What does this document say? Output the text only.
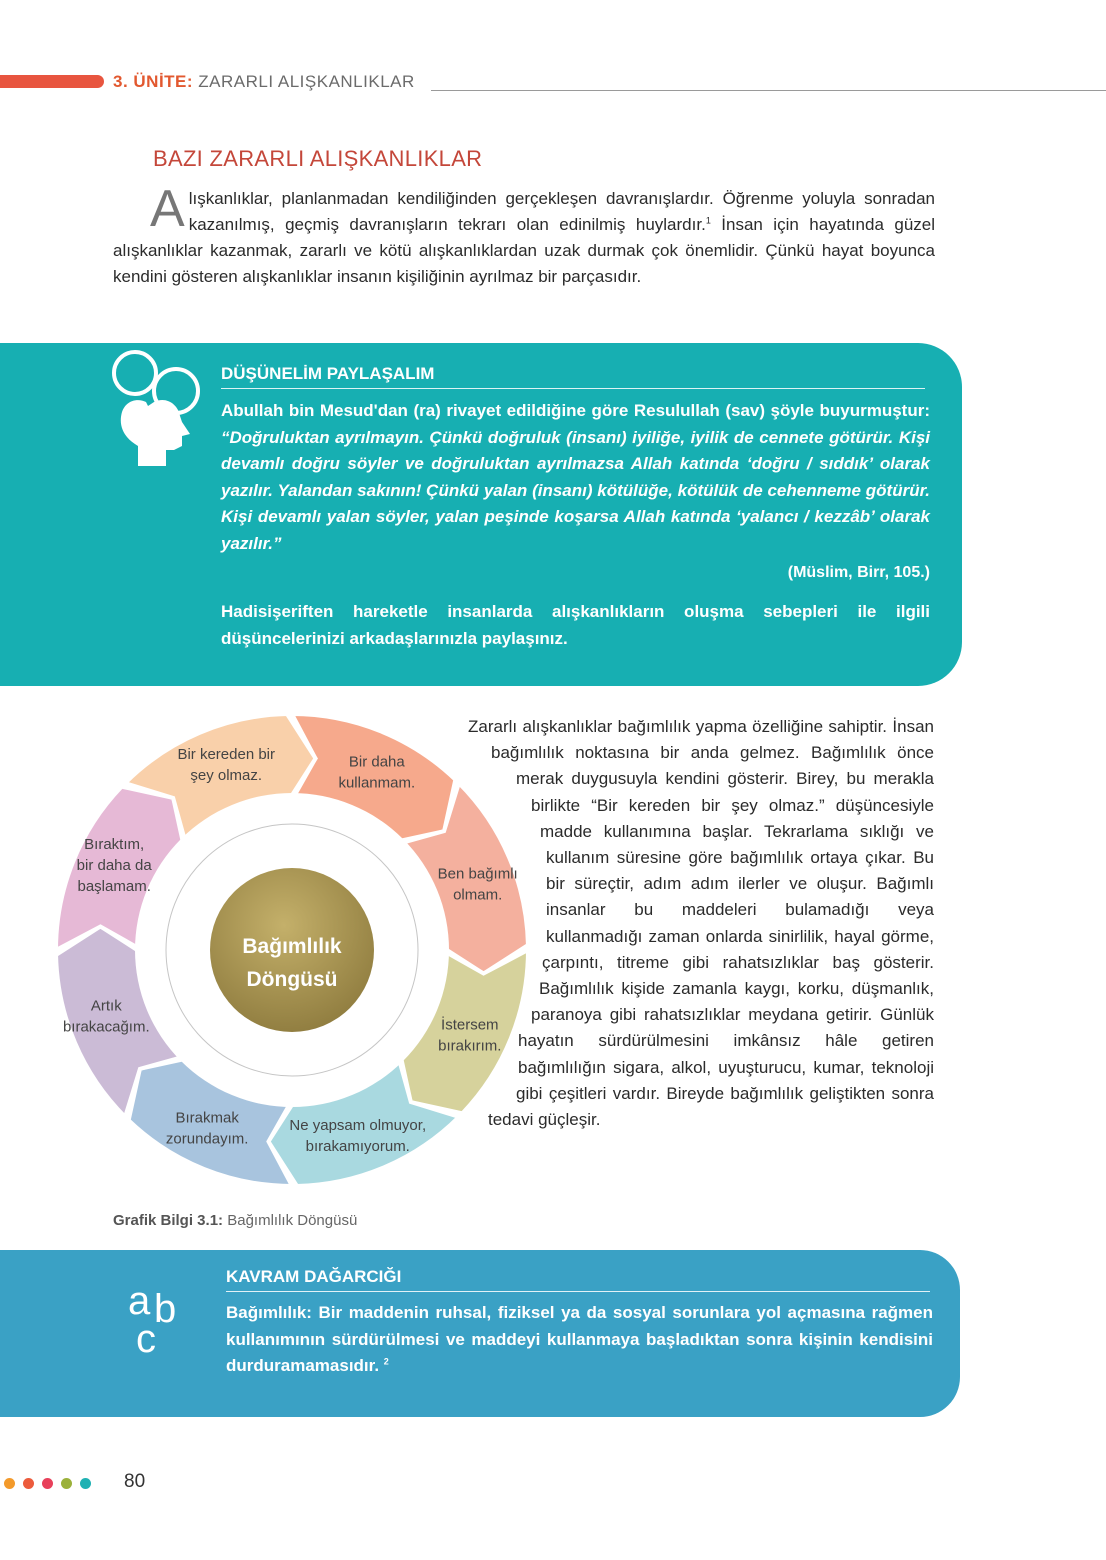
3. ÜNİTE: ZARARLI ALIŞKANLIKLAR
BAZI ZARARLI ALIŞKANLIKLAR

Alışkanlıklar, planlanmadan kendiliğinden gerçekleşen davranışlardır. Öğrenme yoluyla sonradan kazanılmış, geçmiş davranışların tekrarı olan edinilmiş huylardır.$^1$ İnsan için hayatında güzel alışkanlıklar kazanmak, zararlı ve kötü alışkanlıklardan uzak durmak çok önemlidir. Çünkü hayat boyunca kendini gösteren alışkanlıklar insanın kişiliğinin ayrılmaz bir parçasıdır.

DÜŞÜNELİM PAYLAŞALIM

Abullah bin Mesud'dan (ra) rivayet edildiğine göre Resulullah (sav) şöyle buyurmuştur: “Doğruluktan ayrılmayın. Çünkü doğruluk (insanı) iyiliğe, iyilik de cennete götürür. Kişi devamlı doğru söyler ve doğruluktan ayrılmazsa Allah katında ‘doğru / sıddık’ olarak yazılır. Yalandan sakının! Çünkü yalan (insanı) kötülüğe, kötülük de cehenneme götürür. Kişi devamlı yalan söyler, yalan peşinde koşarsa Allah katında ‘yalancı / kezzâb’ olarak yazılır.”

(Müslim, Birr, 105.)

Hadisişeriften hareketle insanlarda alışkanlıkların oluşma sebepleri ile ilgili düşüncelerinizi arkadaşlarınızla paylaşınız.

Bağımlılık
Döngüsü
Bir daha
kullanmam.
Ben bağımlı
olmam.
İstersem
bırakırım.
Ne yapsam olmuyor,
bırakamıyorum.
Bırakmak
zorundayım.
Artık
bırakacağım.
Bıraktım,
bir daha da
başlamam.
Bir kereden bir
şey olmaz.

Zararlı alışkanlıklar bağımlılık yapma özelliğine sahiptir. İnsan bağımlılık noktasına bir anda gelmez. Bağımlılık önce merak duygusuyla kendini gösterir. Birey, bu merakla birlikte “Bir kereden bir şey olmaz.” düşüncesiyle madde kullanımına başlar. Tekrarlama sıklığı ve kullanım süresine göre bağımlılık ortaya çıkar. Bu bir süreçtir, adım adım ilerler ve oluşur. Bağımlı insanlar bu maddeleri bulamadığı veya kullanmadığı zaman onlarda sinirlilik, hayal görme, çarpıntı, titreme gibi rahatsızlıklar baş gösterir. Bağımlılık kişide zamanla kaygı, korku, düşmanlık, paranoya gibi rahatsızlıklar meydana getirir. Günlük hayatın sürdürülmesini imkânsız hâle getiren bağımlılığın sigara, alkol, uyuşturucu, kumar, teknoloji gibi çeşitleri vardır. Bireyde bağımlılık geliştikten sonra tedavi güçleşir.

Grafik Bilgi 3.1: Bağımlılık Döngüsü
a b
c
KAVRAM DAĞARCIĞI

Bağımlılık: Bir maddenin ruhsal, fiziksel ya da sosyal sorunlara yol açmasına rağmen kullanımının sürdürülmesi ve maddeyi kullanmaya başladıktan sonra kişinin kendisini durduramamasıdır. $^2$

80
